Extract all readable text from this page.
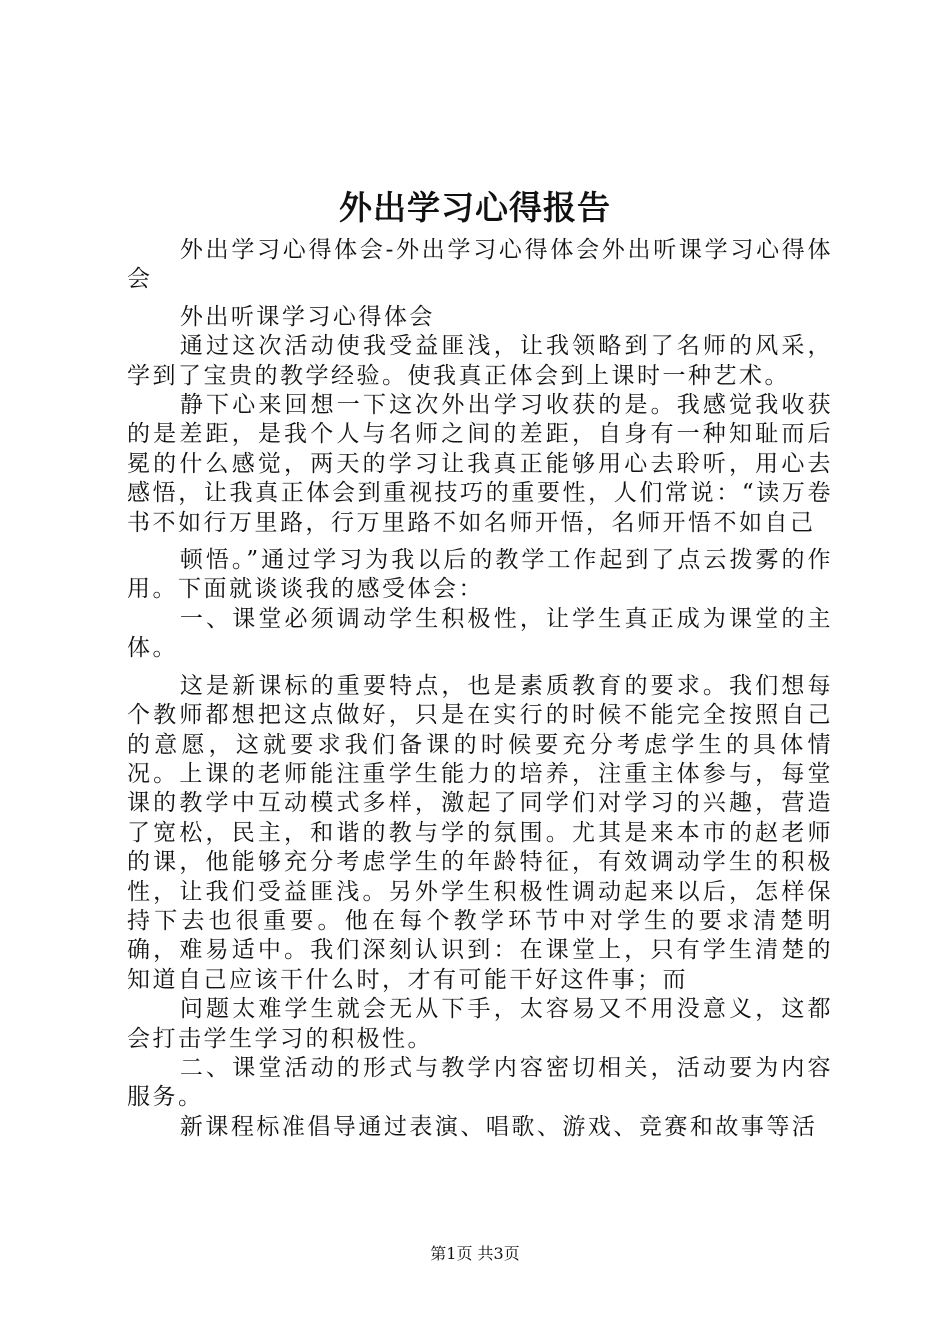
外出学习心得报告

外出学习心得体会-外出学习心得体会外出听课学习心得体会

外出听课学习心得体会

通过这次活动使我受益匪浅，让我领略到了名师的风采，学到了宝贵的教学经验。使我真正体会到上课时一种艺术。

静下心来回想一下这次外出学习收获的是。我感觉我收获的是差距，是我个人与名师之间的差距，自身有一种知耻而后冕的什么感觉，两天的学习让我真正能够用心去聆听，用心去感悟，让我真正体会到重视技巧的重要性，人们常说：“读万卷书不如行万里路，行万里路不如名师开悟，名师开悟不如自己

顿悟。”通过学习为我以后的教学工作起到了点云拨雾的作用。下面就谈谈我的感受体会：

一、课堂必须调动学生积极性，让学生真正成为课堂的主体。

这是新课标的重要特点，也是素质教育的要求。我们想每个教师都想把这点做好，只是在实行的时候不能完全按照自己的意愿，这就要求我们备课的时候要充分考虑学生的具体情况。上课的老师能注重学生能力的培养，注重主体参与，每堂课的教学中互动模式多样，激起了同学们对学习的兴趣，营造了宽松，民主，和谐的教与学的氛围。尤其是来本市的赵老师的课，他能够充分考虑学生的年龄特征，有效调动学生的积极性，让我们受益匪浅。另外学生积极性调动起来以后，怎样保持下去也很重要。他在每个教学环节中对学生的要求清楚明确，难易适中。我们深刻认识到：在课堂上，只有学生清楚的知道自己应该干什么时，才有可能干好这件事；而

问题太难学生就会无从下手，太容易又不用没意义，这都会打击学生学习的积极性。

二、课堂活动的形式与教学内容密切相关，活动要为内容服务。

新课程标准倡导通过表演、唱歌、游戏、竞赛和故事等活

第1页 共3页
